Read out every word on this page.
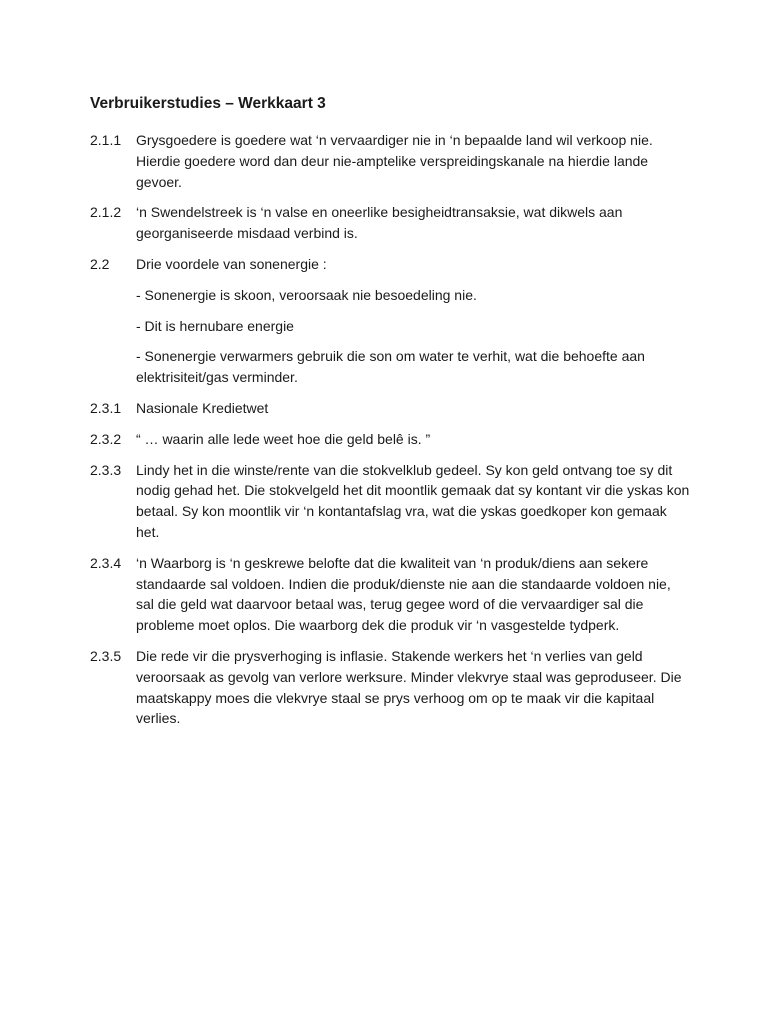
Verbruikerstudies – Werkkaart 3
2.1.1	Grysgoedere is goedere wat ‘n vervaardiger nie in ‘n bepaalde land wil verkoop nie. Hierdie goedere word dan deur nie-amptelike verspreidingskanale na hierdie lande gevoer.
2.1.2	‘n Swendelstreek is ‘n valse en oneerlike besigheidtransaksie, wat dikwels aan georganiseerde misdaad verbind is.
2.2	Drie voordele van sonenergie :
- Sonenergie is skoon, veroorsaak nie besoedeling nie.
- Dit is hernubare energie
- Sonenergie verwarmers gebruik die son om water te verhit, wat die behoefte aan elektrisiteit/gas verminder.
2.3.1	Nasionale Kredietwet
2.3.2	“ … waarin alle lede weet hoe die geld belê is. ”
2.3.3	Lindy het in die winste/rente van die stokvelklub gedeel. Sy kon geld ontvang toe sy dit nodig gehad het. Die stokvelgeld het dit moontlik gemaak dat sy kontant vir die yskas kon betaal. Sy kon moontlik vir ‘n kontantafslag vra, wat die yskas goedkoper kon gemaak het.
2.3.4	‘n Waarborg is ‘n geskrewe belofte dat die kwaliteit van ‘n produk/diens aan sekere standaarde sal voldoen. Indien die produk/dienste nie aan die standaarde voldoen nie, sal die geld wat daarvoor betaal was, terug gegee word of die vervaardiger sal die probleme moet oplos. Die waarborg dek die produk vir ‘n vasgestelde tydperk.
2.3.5	Die rede vir die prysverhoging is inflasie. Stakende werkers het ‘n verlies van geld veroorsaak as gevolg van verlore werksure. Minder vlekvrye staal was geproduseer. Die maatskappy moes die vlekvrye staal se prys verhoog om op te maak vir die kapitaal verlies.
